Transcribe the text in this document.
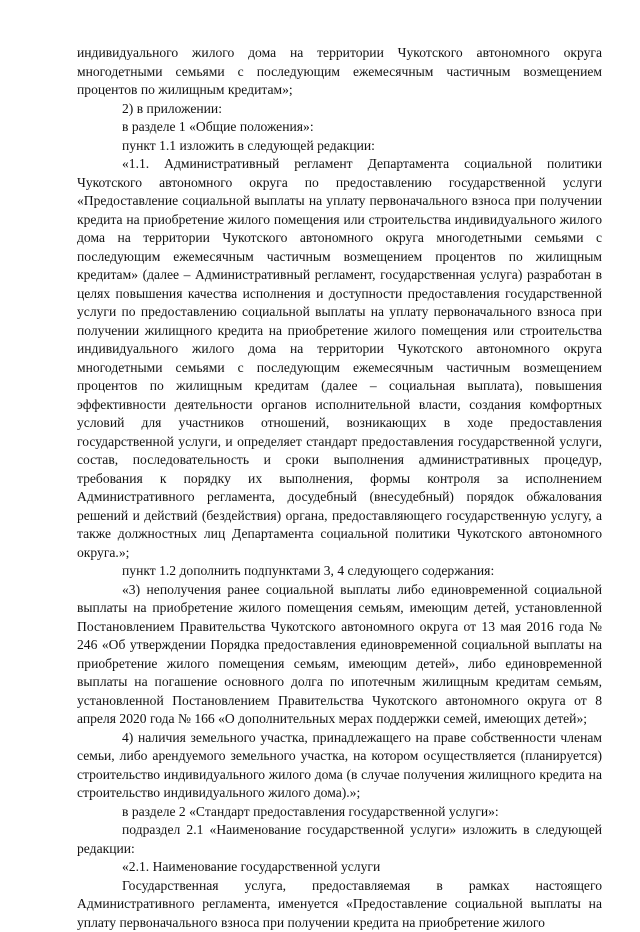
индивидуального жилого дома на территории Чукотского автономного округа многодетными семьями с последующим ежемесячным частичным возмещением процентов по жилищным кредитам»;

2) в приложении:

в разделе 1 «Общие положения»:

пункт 1.1 изложить в следующей редакции:

«1.1. Административный регламент Департамента социальной политики Чукотского автономного округа по предоставлению государственной услуги «Предоставление социальной выплаты на уплату первоначального взноса при получении кредита на приобретение жилого помещения или строительства индивидуального жилого дома на территории Чукотского автономного округа многодетными семьями с последующим ежемесячным частичным возмещением процентов по жилищным кредитам» (далее – Административный регламент, государственная услуга) разработан в целях повышения качества исполнения и доступности предоставления государственной услуги по предоставлению социальной выплаты на уплату первоначального взноса при получении жилищного кредита на приобретение жилого помещения или строительства индивидуального жилого дома на территории Чукотского автономного округа многодетными семьями с последующим ежемесячным частичным возмещением процентов по жилищным кредитам (далее – социальная выплата), повышения эффективности деятельности органов исполнительной власти, создания комфортных условий для участников отношений, возникающих в ходе предоставления государственной услуги, и определяет стандарт предоставления государственной услуги, состав, последовательность и сроки выполнения административных процедур, требования к порядку их выполнения, формы контроля за исполнением Административного регламента, досудебный (внесудебный) порядок обжалования решений и действий (бездействия) органа, предоставляющего государственную услугу, а также должностных лиц Департамента социальной политики Чукотского автономного округа.»;

пункт 1.2 дополнить подпунктами 3, 4 следующего содержания:

«3) неполучения ранее социальной выплаты либо единовременной социальной выплаты на приобретение жилого помещения семьям, имеющим детей, установленной Постановлением Правительства Чукотского автономного округа от 13 мая 2016 года № 246 «Об утверждении Порядка предоставления единовременной социальной выплаты на приобретение жилого помещения семьям, имеющим детей», либо единовременной выплаты на погашение основного долга по ипотечным жилищным кредитам семьям, установленной Постановлением Правительства Чукотского автономного округа от 8 апреля 2020 года № 166 «О дополнительных мерах поддержки семей, имеющих детей»;

4) наличия земельного участка, принадлежащего на праве собственности членам семьи, либо арендуемого земельного участка, на котором осуществляется (планируется) строительство индивидуального жилого дома (в случае получения жилищного кредита на строительство индивидуального жилого дома).»;

в разделе 2 «Стандарт предоставления государственной услуги»:

подраздел 2.1 «Наименование государственной услуги» изложить в следующей редакции:

«2.1. Наименование государственной услуги

Государственная услуга, предоставляемая в рамках настоящего Административного регламента, именуется «Предоставление социальной выплаты на уплату первоначального взноса при получении кредита на приобретение жилого
